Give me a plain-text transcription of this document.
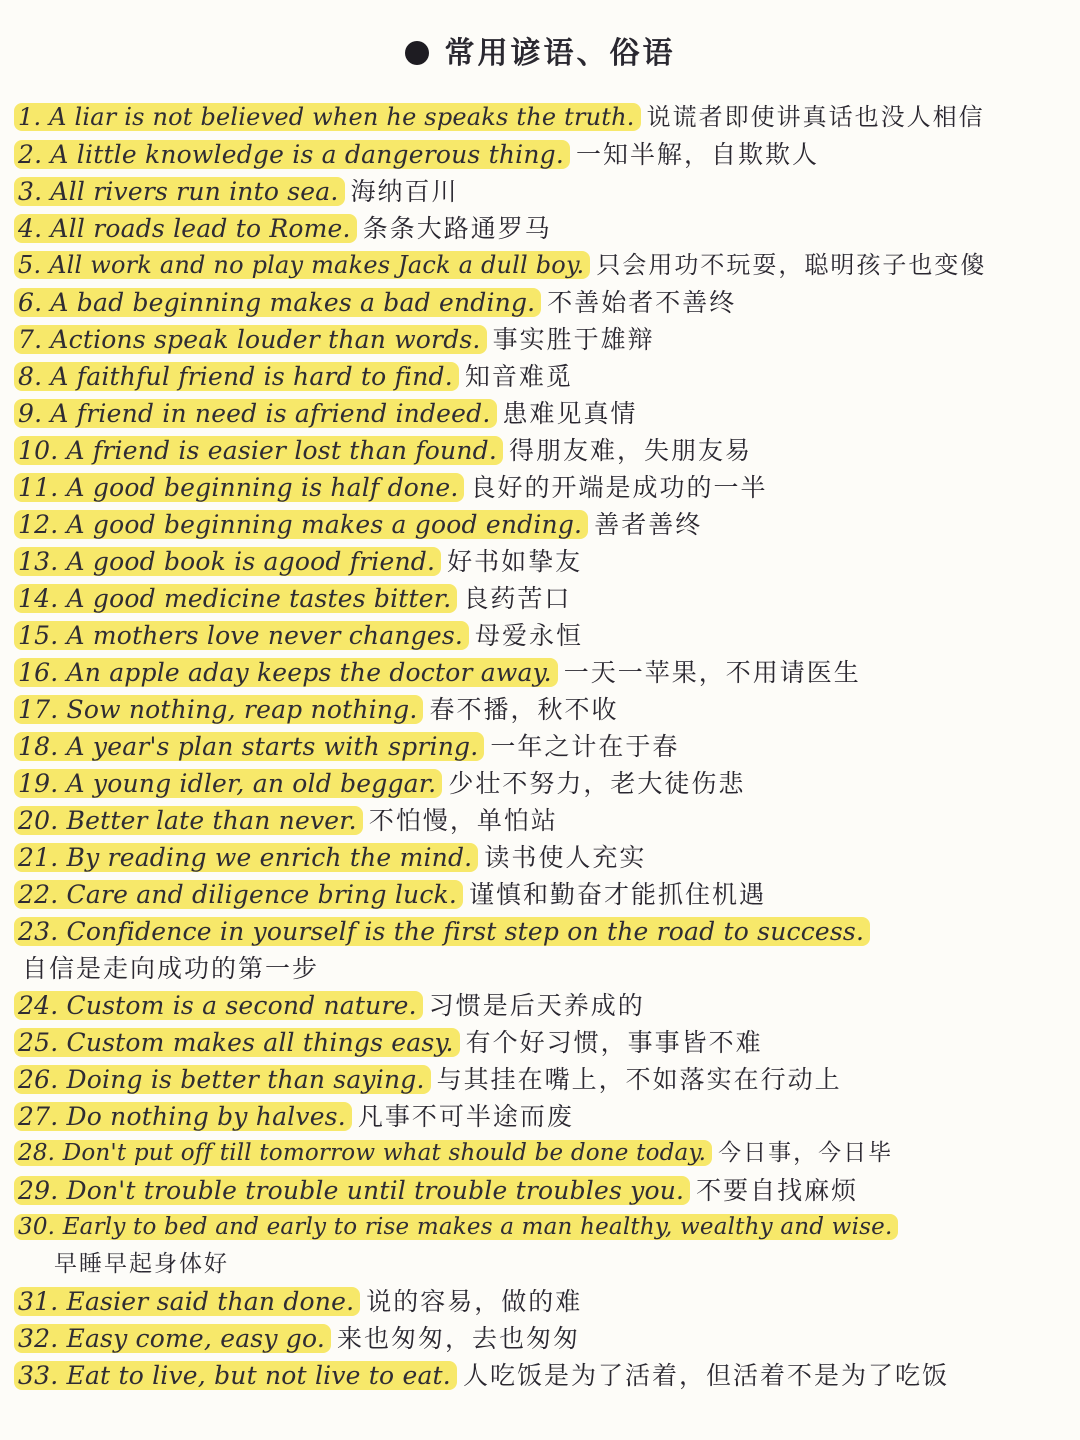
常用谚语、俗语
1. A liar is not believed when he speaks the truth. 说谎者即使讲真话也没人相信
2. A little knowledge is a dangerous thing. 一知半解，自欺欺人
3. All rivers run into sea. 海纳百川
4. All roads lead to Rome. 条条大路通罗马
5. All work and no play makes Jack a dull boy. 只会用功不玩耍，聪明孩子也变傻
6. A bad beginning makes a bad ending. 不善始者不善终
7. Actions speak louder than words. 事实胜于雄辩
8. A faithful friend is hard to find. 知音难觅
9. A friend in need is afriend indeed. 患难见真情
10. A friend is easier lost than found. 得朋友难，失朋友易
11. A good beginning is half done. 良好的开端是成功的一半
12. A good beginning makes a good ending. 善者善终
13. A good book is agood friend. 好书如挚友
14. A good medicine tastes bitter. 良药苦口
15. A mothers love never changes. 母爱永恒
16. An apple aday keeps the doctor away. 一天一苹果，不用请医生
17. Sow nothing, reap nothing. 春不播，秋不收
18. A year's plan starts with spring. 一年之计在于春
19. A young idler, an old beggar. 少壮不努力，老大徒伤悲
20. Better late than never. 不怕慢，单怕站
21. By reading we enrich the mind. 读书使人充实
22. Care and diligence bring luck. 谨慎和勤奋才能抓住机遇
23. Confidence in yourself is the first step on the road to success.
自信是走向成功的第一步
24. Custom is a second nature. 习惯是后天养成的
25. Custom makes all things easy. 有个好习惯，事事皆不难
26. Doing is better than saying. 与其挂在嘴上，不如落实在行动上
27. Do nothing by halves. 凡事不可半途而废
28. Don't put off till tomorrow what should be done today. 今日事，今日毕
29. Don't trouble trouble until trouble troubles you. 不要自找麻烦
30. Early to bed and early to rise makes a man healthy, wealthy and wise.
早睡早起身体好
31. Easier said than done. 说的容易，做的难
32. Easy come, easy go. 来也匆匆，去也匆匆
33. Eat to live, but not live to eat. 人吃饭是为了活着，但活着不是为了吃饭
